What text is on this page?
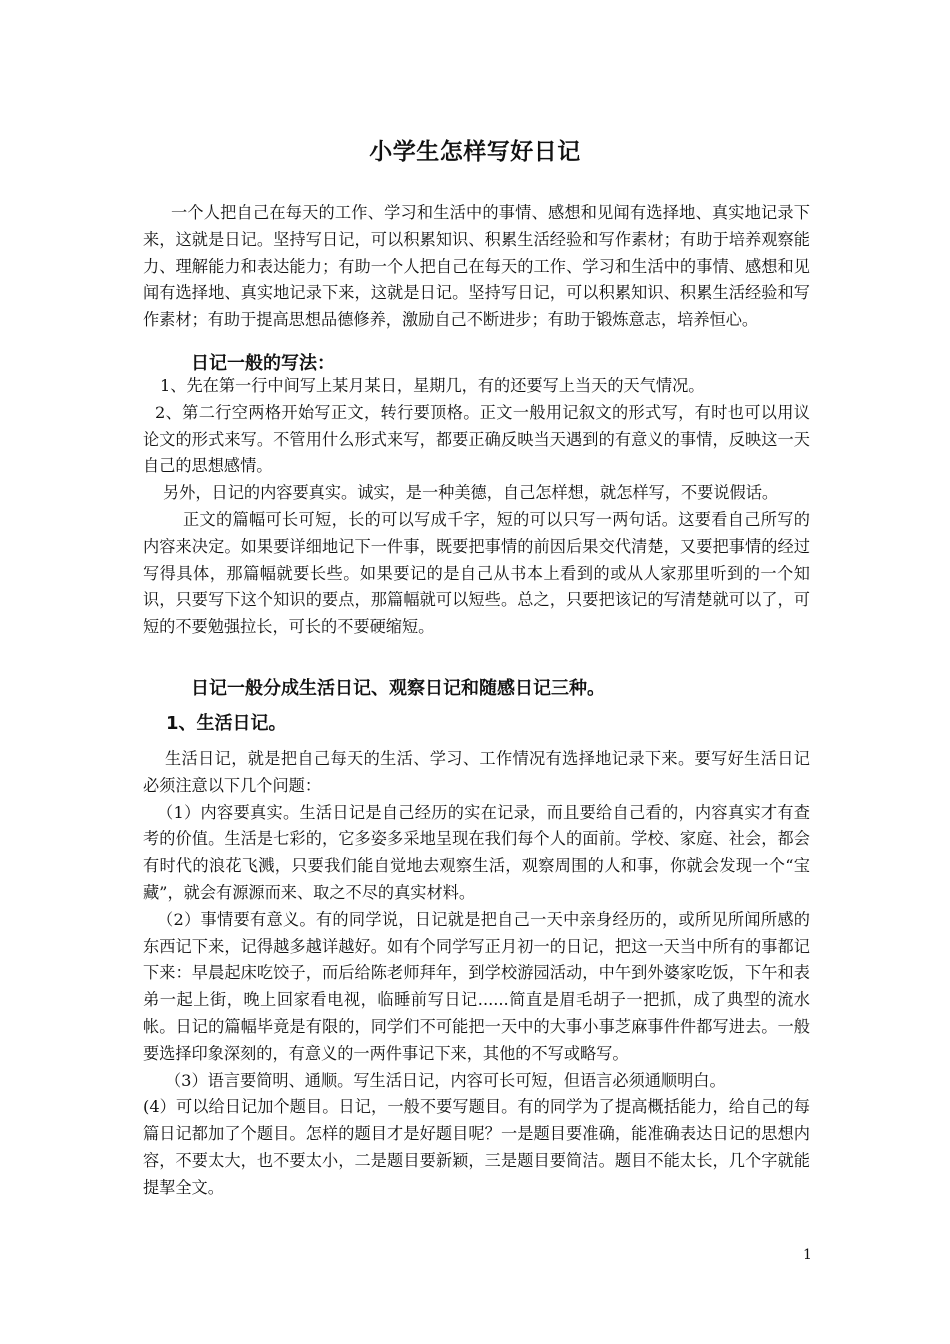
小学生怎样写好日记

一个人把自己在每天的工作、学习和生活中的事情、感想和见闻有选择地、真实地记录下来，这就是日记。坚持写日记，可以积累知识、积累生活经验和写作素材；有助于培养观察能力、理解能力和表达能力；有助一个人把自己在每天的工作、学习和生活中的事情、感想和见闻有选择地、真实地记录下来，这就是日记。坚持写日记，可以积累知识、积累生活经验和写作素材；有助于提高思想品德修养，激励自己不断进步；有助于锻炼意志，培养恒心。

日记一般的写法：

1、先在第一行中间写上某月某日，星期几，有的还要写上当天的天气情况。

2、第二行空两格开始写正文，转行要顶格。正文一般用记叙文的形式写，有时也可以用议论文的形式来写。不管用什么形式来写，都要正确反映当天遇到的有意义的事情，反映这一天自己的思想感情。

另外，日记的内容要真实。诚实，是一种美德，自己怎样想，就怎样写，不要说假话。

正文的篇幅可长可短，长的可以写成千字，短的可以只写一两句话。这要看自己所写的内容来决定。如果要详细地记下一件事，既要把事情的前因后果交代清楚，又要把事情的经过写得具体，那篇幅就要长些。如果要记的是自己从书本上看到的或从人家那里听到的一个知识，只要写下这个知识的要点，那篇幅就可以短些。总之，只要把该记的写清楚就可以了，可短的不要勉强拉长，可长的不要硬缩短。

日记一般分成生活日记、观察日记和随感日记三种。
1、生活日记。

生活日记，就是把自己每天的生活、学习、工作情况有选择地记录下来。要写好生活日记必须注意以下几个问题：

（1）内容要真实。生活日记是自己经历的实在记录，而且要给自己看的，内容真实才有查考的价值。生活是七彩的，它多姿多采地呈现在我们每个人的面前。学校、家庭、社会，都会有时代的浪花飞溅，只要我们能自觉地去观察生活，观察周围的人和事，你就会发现一个“宝藏”，就会有源源而来、取之不尽的真实材料。

（2）事情要有意义。有的同学说，日记就是把自己一天中亲身经历的，或所见所闻所感的东西记下来，记得越多越详越好。如有个同学写正月初一的日记，把这一天当中所有的事都记下来：早晨起床吃饺子，而后给陈老师拜年，到学校游园活动，中午到外婆家吃饭，下午和表弟一起上街，晚上回家看电视，临睡前写日记......简直是眉毛胡子一把抓，成了典型的流水帐。日记的篇幅毕竟是有限的，同学们不可能把一天中的大事小事芝麻事件件都写进去。一般要选择印象深刻的，有意义的一两件事记下来，其他的不写或略写。

（3）语言要简明、通顺。写生活日记，内容可长可短，但语言必须通顺明白。

(4）可以给日记加个题目。日记，一般不要写题目。有的同学为了提高概括能力，给自己的每篇日记都加了个题目。怎样的题目才是好题目呢？一是题目要准确，能准确表达日记的思想内容，不要太大，也不要太小，二是题目要新颖，三是题目要简洁。题目不能太长，几个字就能提挈全文。

1
